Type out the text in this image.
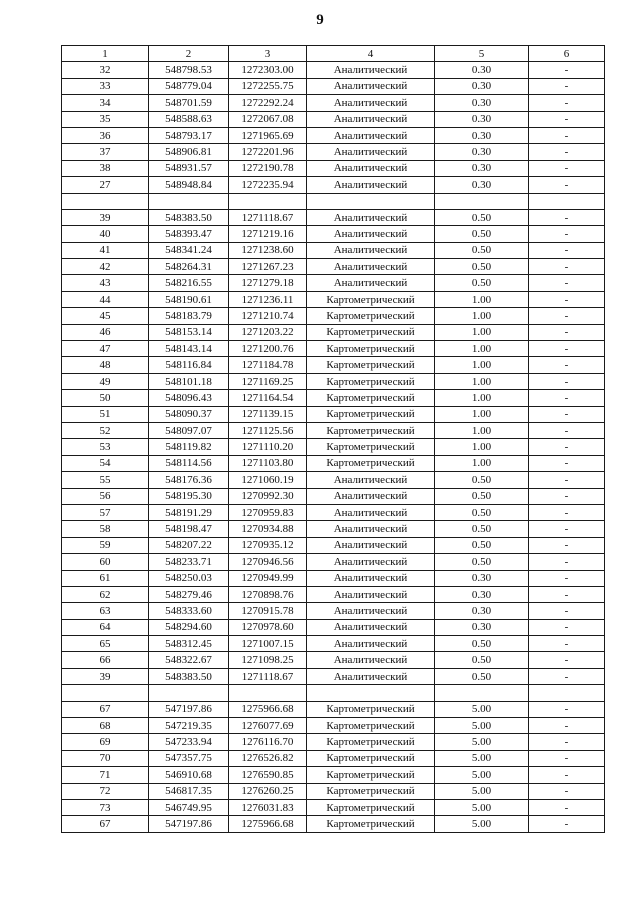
9
1	2	3	4	5	6
32	548798.53	1272303.00	Аналитический	0.30	-
33	548779.04	1272255.75	Аналитический	0.30	-
34	548701.59	1272292.24	Аналитический	0.30	-
35	548588.63	1272067.08	Аналитический	0.30	-
36	548793.17	1271965.69	Аналитический	0.30	-
37	548906.81	1272201.96	Аналитический	0.30	-
38	548931.57	1272190.78	Аналитический	0.30	-
27	548948.84	1272235.94	Аналитический	0.30	-

39	548383.50	1271118.67	Аналитический	0.50	-
40	548393.47	1271219.16	Аналитический	0.50	-
41	548341.24	1271238.60	Аналитический	0.50	-
42	548264.31	1271267.23	Аналитический	0.50	-
43	548216.55	1271279.18	Аналитический	0.50	-
44	548190.61	1271236.11	Картометрический	1.00	-
45	548183.79	1271210.74	Картометрический	1.00	-
46	548153.14	1271203.22	Картометрический	1.00	-
47	548143.14	1271200.76	Картометрический	1.00	-
48	548116.84	1271184.78	Картометрический	1.00	-
49	548101.18	1271169.25	Картометрический	1.00	-
50	548096.43	1271164.54	Картометрический	1.00	-
51	548090.37	1271139.15	Картометрический	1.00	-
52	548097.07	1271125.56	Картометрический	1.00	-
53	548119.82	1271110.20	Картометрический	1.00	-
54	548114.56	1271103.80	Картометрический	1.00	-
55	548176.36	1271060.19	Аналитический	0.50	-
56	548195.30	1270992.30	Аналитический	0.50	-
57	548191.29	1270959.83	Аналитический	0.50	-
58	548198.47	1270934.88	Аналитический	0.50	-
59	548207.22	1270935.12	Аналитический	0.50	-
60	548233.71	1270946.56	Аналитический	0.50	-
61	548250.03	1270949.99	Аналитический	0.30	-
62	548279.46	1270898.76	Аналитический	0.30	-
63	548333.60	1270915.78	Аналитический	0.30	-
64	548294.60	1270978.60	Аналитический	0.30	-
65	548312.45	1271007.15	Аналитический	0.50	-
66	548322.67	1271098.25	Аналитический	0.50	-
39	548383.50	1271118.67	Аналитический	0.50	-

67	547197.86	1275966.68	Картометрический	5.00	-
68	547219.35	1276077.69	Картометрический	5.00	-
69	547233.94	1276116.70	Картометрический	5.00	-
70	547357.75	1276526.82	Картометрический	5.00	-
71	546910.68	1276590.85	Картометрический	5.00	-
72	546817.35	1276260.25	Картометрический	5.00	-
73	546749.95	1276031.83	Картометрический	5.00	-
67	547197.86	1275966.68	Картометрический	5.00	-
